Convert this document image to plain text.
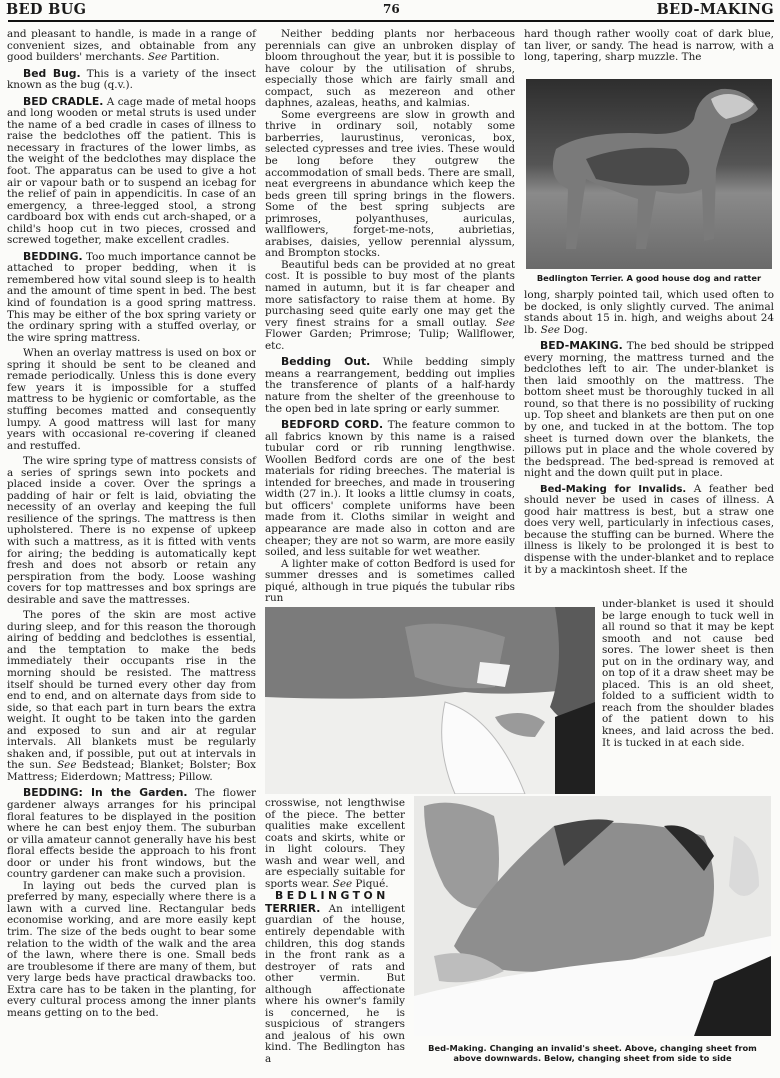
BED BUG	76	BED-MAKING

and pleasant to handle, is made in a range of convenient sizes, and obtainable from any good builders' merchants. See Partition.

Bed Bug. This is a variety of the insect known as the bug (q.v.).

BED CRADLE. A cage made of metal hoops and long wooden or metal struts is used under the name of a bed cradle in cases of illness to raise the bedclothes off the patient. This is necessary in fractures of the lower limbs, as the weight of the bedclothes may displace the foot. The apparatus can be used to give a hot air or vapour bath or to suspend an icebag for the relief of pain in appendicitis. In case of an emergency, a three-legged stool, a strong cardboard box with ends cut arch-shaped, or a child's hoop cut in two pieces, crossed and screwed together, make excellent cradles.

BEDDING. Too much importance cannot be attached to proper bedding, when it is remembered how vital sound sleep is to health and the amount of time spent in bed. The best kind of foundation is a good spring mattress. This may be either of the box spring variety or the ordinary spring with a stuffed overlay, or the wire spring mattress.

When an overlay mattress is used on box or spring it should be sent to be cleaned and remade periodically. Unless this is done every few years it is impossible for a stuffed mattress to be hygienic or comfortable, as the stuffing becomes matted and consequently lumpy. A good mattress will last for many years with occasional re-covering if cleaned and restuffed.

The wire spring type of mattress consists of a series of springs sewn into pockets and placed inside a cover. Over the springs a padding of hair or felt is laid, obviating the necessity of an overlay and keeping the full resilience of the springs. The mattress is then upholstered. There is no expense of upkeep with such a mattress, as it is fitted with vents for airing; the bedding is automatically kept fresh and does not absorb or retain any perspiration from the body. Loose washing covers for top mattresses and box springs are desirable and save the mattresses.

The pores of the skin are most active during sleep, and for this reason the thorough airing of bedding and bedclothes is essential, and the temptation to make the beds immediately their occupants rise in the morning should be resisted. The mattress itself should be turned every other day from end to end, and on alternate days from side to side, so that each part in turn bears the extra weight. It ought to be taken into the garden and exposed to sun and air at regular intervals. All blankets must be regularly shaken and, if possible, put out at intervals in the sun. See Bedstead; Blanket; Bolster; Box Mattress; Eiderdown; Mattress; Pillow.

BEDDING: In the Garden. The flower gardener always arranges for his principal floral features to be displayed in the position where he can best enjoy them. The suburban or villa amateur cannot generally have his best floral effects beside the approach to his front door or under his front windows, but the country gardener can make such a provision.

In laying out beds the curved plan is preferred by many, especially where there is a lawn with a curved line. Rectangular beds economise working, and are more easily kept trim. The size of the beds ought to bear some relation to the width of the walk and the area of the lawn, where there is one. Small beds are troublesome if there are many of them, but very large beds have practical drawbacks too. Extra care has to be taken in the planting, for every cultural process among the inner plants means getting on to the bed.

Neither bedding plants nor herbaceous perennials can give an unbroken display of bloom throughout the year, but it is possible to have colour by the utilisation of shrubs, especially those which are fairly small and compact, such as mezereon and other daphnes, azaleas, heaths, and kalmias.

Some evergreens are slow in growth and thrive in ordinary soil, notably some barberries, laurustinus, veronicas, box, selected cypresses and tree ivies. These would be long before they outgrew the accommodation of small beds. There are small, neat evergreens in abundance which keep the beds green till spring brings in the flowers. Some of the best spring subjects are primroses, polyanthuses, auriculas, wallflowers, forget-me-nots, aubrietias, arabises, daisies, yellow perennial alyssum, and Brompton stocks.

Beautiful beds can be provided at no great cost. It is possible to buy most of the plants named in autumn, but it is far cheaper and more satisfactory to raise them at home. By purchasing seed quite early one may get the very finest strains for a small outlay. See Flower Garden; Primrose; Tulip; Wallflower, etc.

Bedding Out. While bedding simply means a rearrangement, bedding out implies the transference of plants of a half-hardy nature from the shelter of the greenhouse to the open bed in late spring or early summer.

BEDFORD CORD. The feature common to all fabrics known by this name is a raised tubular cord or rib running lengthwise. Woollen Bedford cords are one of the best materials for riding breeches. The material is intended for breeches, and made in trousering width (27 in.). It looks a little clumsy in coats, but officers' complete uniforms have been made from it. Cloths similar in weight and appearance are made also in cotton and are cheaper; they are not so warm, are more easily soiled, and less suitable for wet weather.

A lighter make of cotton Bedford is used for summer dresses and is sometimes called piqué, although in true piqués the tubular ribs run

crosswise, not lengthwise of the piece. The better qualities make excellent coats and skirts, white or in light colours. They wash and wear well, and are especially suitable for sports wear. See Piqué.

BEDLINGTON
TERRIER. An intelligent guardian of the house, entirely dependable with children, this dog stands in the front rank as a destroyer of rats and other vermin. But although affectionate where his owner's family is concerned, he is suspicious of strangers and jealous of his own kind. The Bedlington has a

hard though rather woolly coat of dark blue, tan liver, or sandy. The head is narrow, with a long, tapering, sharp muzzle. The

Bedlington Terrier. A good house dog and ratter

long, sharply pointed tail, which used often to be docked, is only slightly curved. The animal stands about 15 in. high, and weighs about 24 lb. See Dog.

BED-MAKING. The bed should be stripped every morning, the mattress turned and the bedclothes left to air. The under-blanket is then laid smoothly on the mattress. The bottom sheet must be thoroughly tucked in all round, so that there is no possibility of rucking up. Top sheet and blankets are then put on one by one, and tucked in at the bottom. The top sheet is turned down over the blankets, the pillows put in place and the whole covered by the bedspread. The bed-spread is removed at night and the down quilt put in place.

Bed-Making for Invalids. A feather bed should never be used in cases of illness. A good hair mattress is best, but a straw one does very well, particularly in infectious cases, because the stuffing can be burned. Where the illness is likely to be prolonged it is best to dispense with the under-blanket and to replace it by a mackintosh sheet. If the

under-blanket is used it should be large enough to tuck well in all round so that it may be kept smooth and not cause bed sores. The lower sheet is then put on in the ordinary way, and on top of it a draw sheet may be placed. This is an old sheet, folded to a sufficient width to reach from the shoulder blades of the patient down to his knees, and laid across the bed. It is tucked in at each side.

Bed-Making. Changing an invalid's sheet. Above, changing sheet from above downwards. Below, changing sheet from side to side
